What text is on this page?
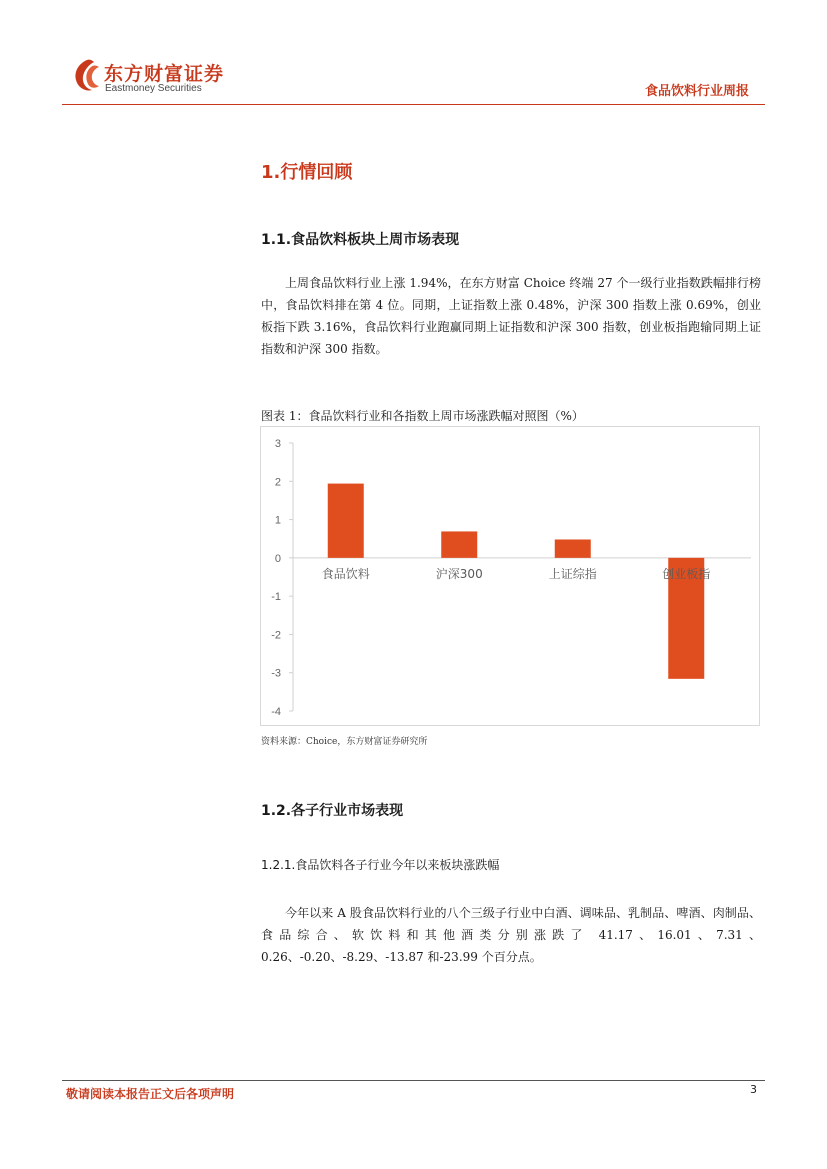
东方财富证券
Eastmoney Securities	食品饮料行业周报
1.行情回顾
1.1.食品饮料板块上周市场表现

上周食品饮料行业上涨 1.94%，在东方财富 Choice 终端 27 个一级行业指数跌幅排行榜中，食品饮料排在第 4 位。同期，上证指数上涨 0.48%，沪深 300 指数上涨 0.69%，创业板指下跌 3.16%，食品饮料行业跑赢同期上证指数和沪深 300 指数，创业板指跑输同期上证指数和沪深 300 指数。

图表 1：食品饮料行业和各指数上周市场涨跌幅对照图（%）
3
2
1
0
-1
-2
-3
-4
食品饮料	沪深300	上证综指	创业板指
资料来源：Choice，东方财富证券研究所
1.2.各子行业市场表现
1.2.1.食品饮料各子行业今年以来板块涨跌幅

今年以来 A 股食品饮料行业的八个三级子行业中白酒、调味品、乳制品、啤酒、肉制品、食品综合、软饮料和其他酒类分别涨跌了 41.17、16.01、7.31、0.26、-0.20、-8.29、-13.87 和-23.99 个百分点。

敬请阅读本报告正文后各项声明	3
